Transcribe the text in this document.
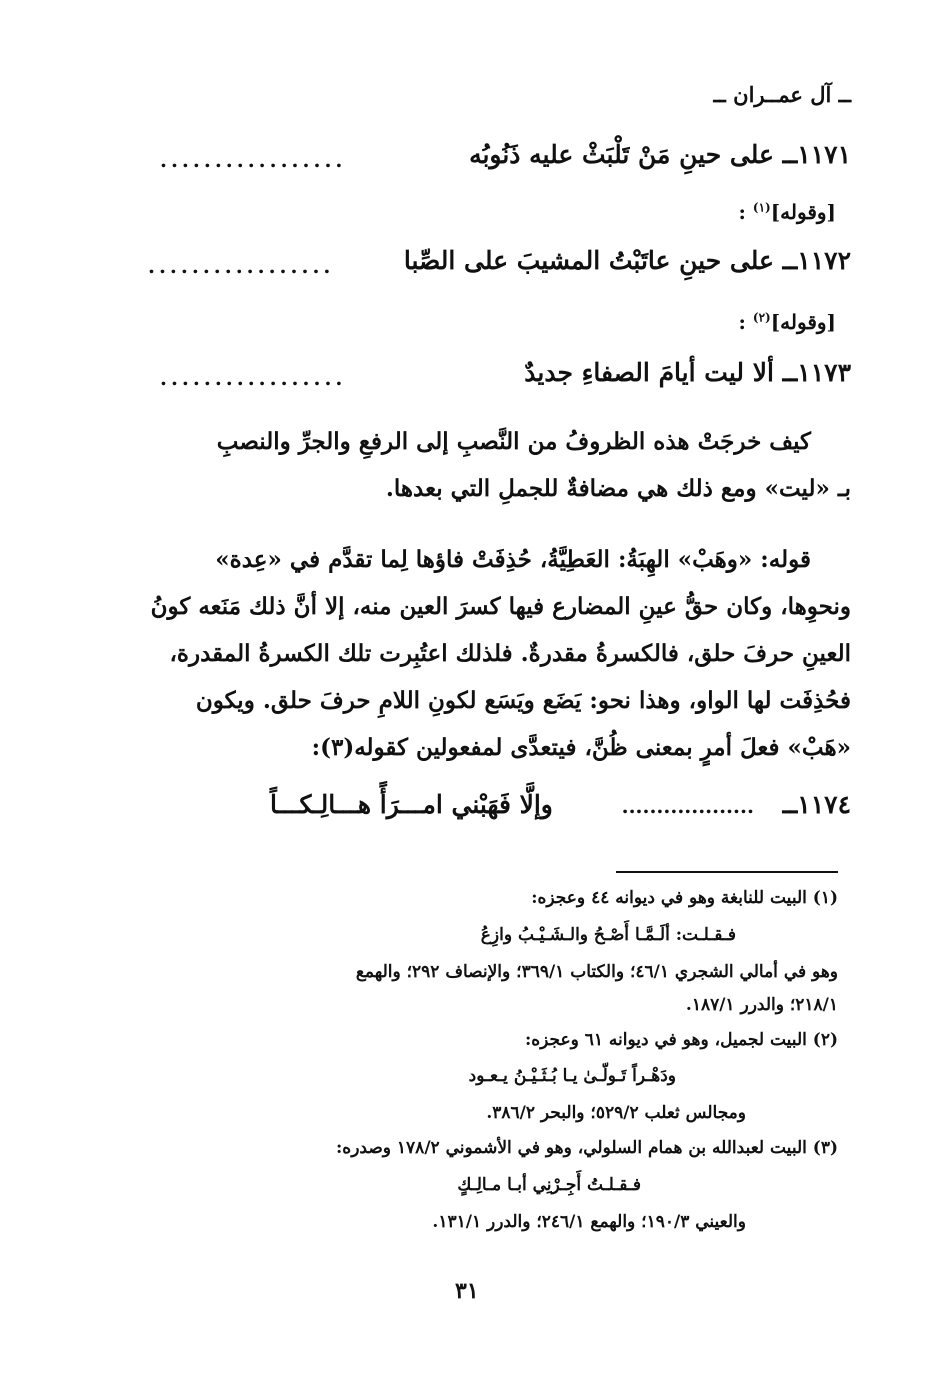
ــ آل عمــران ــ
١١٧١ــ على حينِ مَنْ تَلْبَثْ عليه ذَنُوبُه
.................
[وقوله]$^{(١)}$ :
١١٧٢ــ على حينِ عاتَبْتُ المشيبَ على الصِّبا
.................
[وقوله]$^{(٢)}$ :
١١٧٣ــ ألا ليت أيامَ الصفاءِ جديدٌ
.................

كيف خرجَتْ هذه الظروفُ من النَّصبِ إلى الرفعِ والجرِّ والنصبِ

بـ «ليت» ومع ذلك هي مضافةٌ للجملِ التي بعدها.

قوله: «وهَبْ» الهِبَةُ: العَطِيَّةُ، حُذِفَتْ فاؤها لِما تقدَّم في «عِدة»

ونحوِها، وكان حقُّ عينِ المضارع فيها كسرَ العين منه، إلا أنَّ ذلك مَنَعه كونُ

العينِ حرفَ حلق، فالكسرةُ مقدرةٌ. فلذلك اعتُبِرت تلك الكسرةُ المقدرة،

فحُذِفَت لها الواو، وهذا نحو: يَضَع ويَسَع لكونِ اللامِ حرفَ حلق. ويكون

«هَبْ» فعلَ أمرٍ بمعنى ظُنَّ، فيتعدَّى لمفعولين كقوله(٣):

١١٧٤ــ ................... وإلَّا فَهَبْني امـــرَأً هـــالِـكـــاً
(١) البيت للنابغة وهو في ديوانه ٤٤ وعجزه:
فـقـلـت: ألَـمَّـا أَصْـحُ والـشَـيْـبُ وازِعُ
وهو في أمالي الشجري ٤٦/١؛ والكتاب ٣٦٩/١؛ والإنصاف ٢٩٢؛ والهمع
٢١٨/١؛ والدرر ١٨٧/١.
(٢) البيت لجميل، وهو في ديوانه ٦١ وعجزه:
ودَهْـراً تَـولّـىٰ يـا بُـثَـيْـنُ يـعـود
ومجالس ثعلب ٥٢٩/٢؛ والبحر ٣٨٦/٢.
(٣) البيت لعبدالله بن همام السلولي، وهو في الأشموني ١٧٨/٢ وصدره:
فـقـلـتُ أَجِـرْنِي أبـا مـالِـكٍ
والعيني ١٩٠/٣؛ والهمع ٢٤٦/١؛ والدرر ١٣١/١.
٣١
